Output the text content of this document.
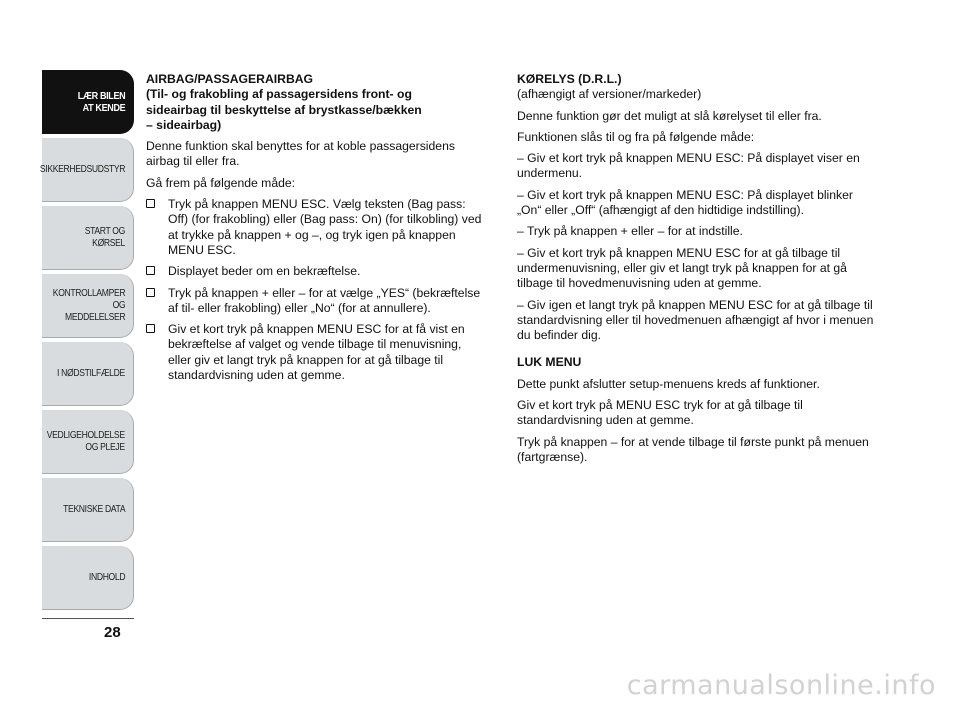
LÆR BILEN
AT KENDE
SIKKERHEDSUDSTYR
START OG KØRSEL
KONTROLLAMPER
OG MEDDELELSER
I NØDSTILFÆLDE
VEDLIGEHOLDELSE
OG PLEJE
TEKNISKE DATA
INDHOLD
28
AIRBAG/PASSAGERAIRBAG
(Til- og frakobling af passagersidens front- og
sideairbag til beskyttelse af brystkasse/bækken
– sideairbag)

Denne funktion skal benyttes for at koble passagersidens airbag til eller fra.

Gå frem på følgende måde:

Tryk på knappen MENU ESC. Vælg teksten (Bag pass: Off) (for frakobling) eller (Bag pass: On) (for tilkobling) ved at trykke på knappen + og –, og tryk igen på knappen MENU ESC.
Displayet beder om en bekræftelse.
Tryk på knappen + eller – for at vælge „YES“ (bekræftelse af til- eller frakobling) eller „No“ (for at annullere).
Giv et kort tryk på knappen MENU ESC for at få vist en bekræftelse af valget og vende tilbage til menuvisning, eller giv et langt tryk på knappen for at gå tilbage til standardvisning uden at gemme.
KØRELYS (D.R.L.)

(afhængigt af versioner/markeder)

Denne funktion gør det muligt at slå kørelyset til eller fra.

Funktionen slås til og fra på følgende måde:

– Giv et kort tryk på knappen MENU ESC: På displayet viser en undermenu.

– Giv et kort tryk på knappen MENU ESC: På displayet blinker „On“ eller „Off“ (afhængigt af den hidtidige indstilling).

– Tryk på knappen + eller – for at indstille.

– Giv et kort tryk på knappen MENU ESC for at gå tilbage til undermenuvisning, eller giv et langt tryk på knappen for at gå tilbage til hovedmenuvisning uden at gemme.

– Giv igen et langt tryk på knappen MENU ESC for at gå tilbage til standardvisning eller til hovedmenuen afhængigt af hvor i menuen du befinder dig.

LUK MENU

Dette punkt afslutter setup-menuens kreds af funktioner.

Giv et kort tryk på MENU ESC tryk for at gå tilbage til standardvisning uden at gemme.

Tryk på knappen – for at vende tilbage til første punkt på menuen (fartgrænse).

carmanualsonline.info
